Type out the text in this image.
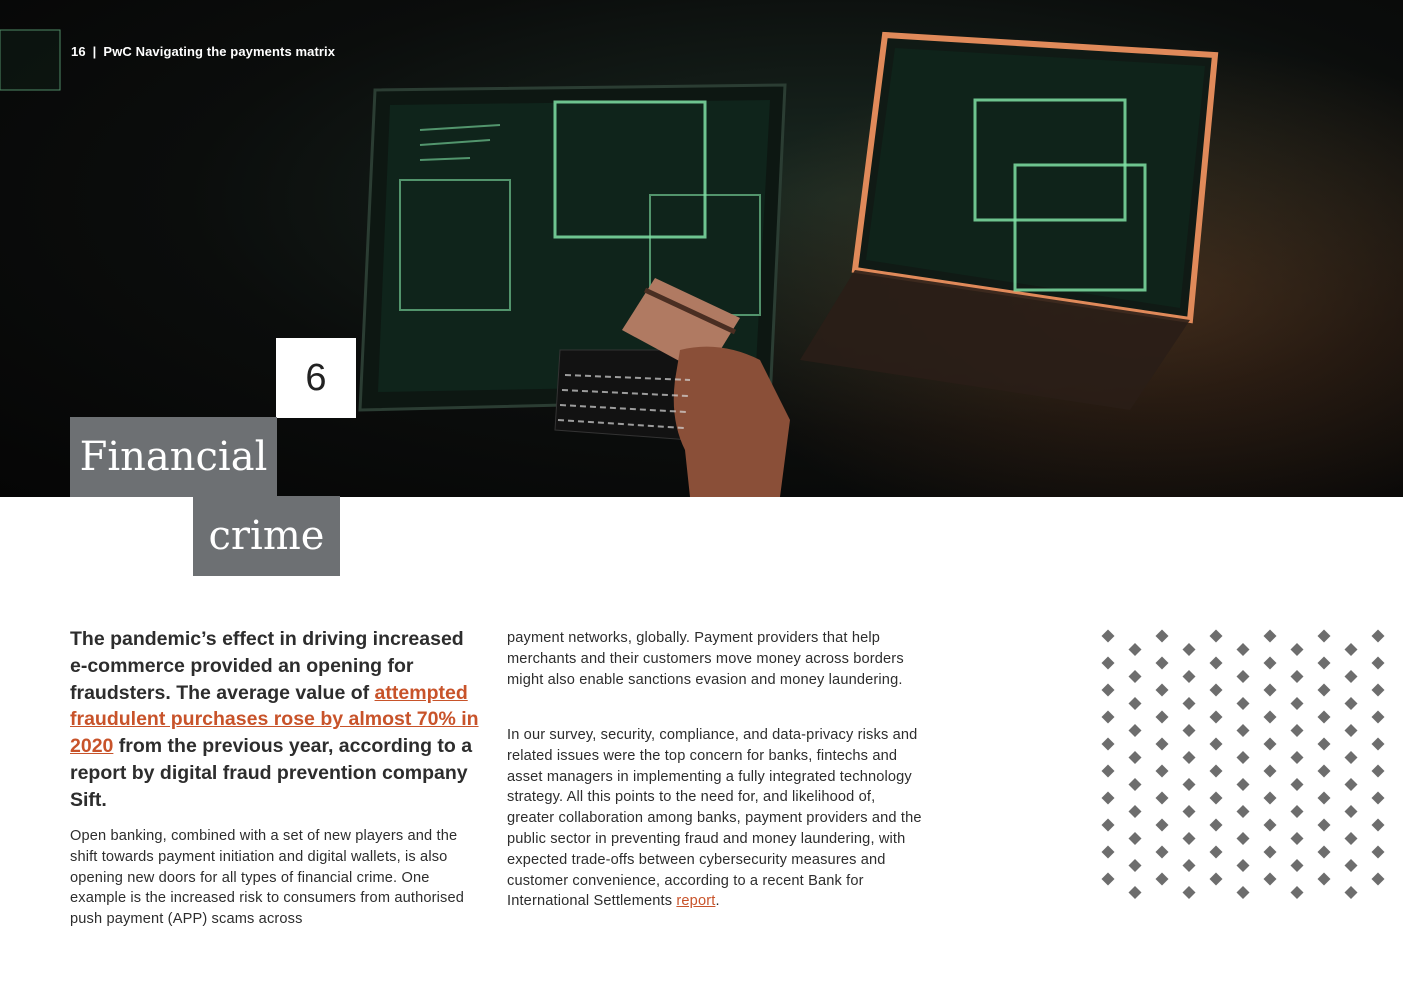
16 | PwC Navigating the payments matrix
6
Financial
crime

The pandemic’s effect in driving increased e-commerce provided an opening for fraudsters. The average value of attempted fraudulent purchases rose by almost 70% in 2020 from the previous year, according to a report by digital fraud prevention company Sift.

Open banking, combined with a set of new players and the shift towards payment initiation and digital wallets, is also opening new doors for all types of financial crime. One example is the increased risk to consumers from authorised push payment (APP) scams across

payment networks, globally. Payment providers that help merchants and their customers move money across borders might also enable sanctions evasion and money laundering.

In our survey, security, compliance, and data-privacy risks and related issues were the top concern for banks, fintechs and asset managers in implementing a fully integrated technology strategy. All this points to the need for, and likelihood of, greater collaboration among banks, payment providers and the public sector in preventing fraud and money laundering, with expected trade-offs between cybersecurity measures and customer convenience, according to a recent Bank for International Settlements report.
